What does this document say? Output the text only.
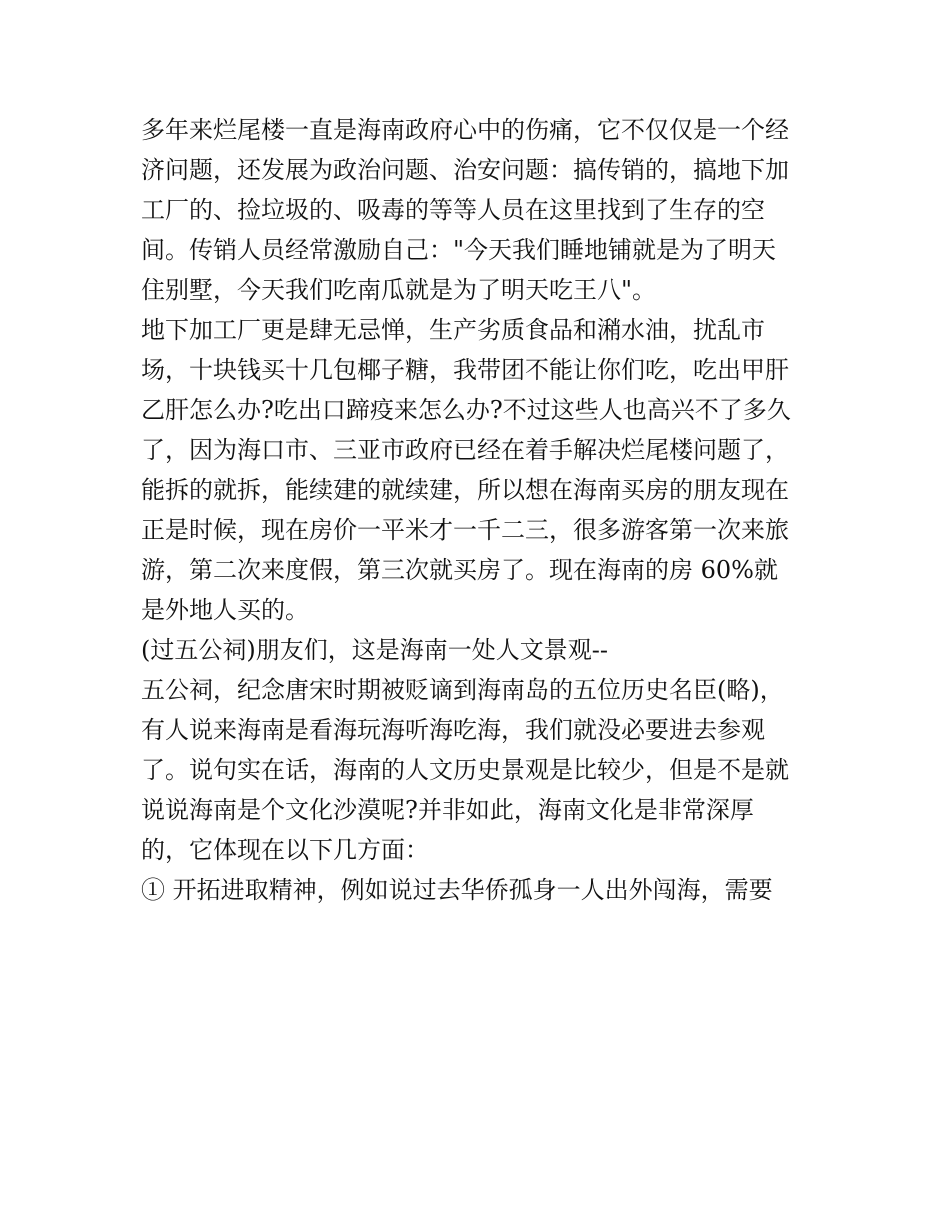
多年来烂尾楼一直是海南政府心中的伤痛，它不仅仅是一个经
济问题，还发展为政治问题、治安问题：搞传销的，搞地下加
工厂的、捡垃圾的、吸毒的等等人员在这里找到了生存的空
间。传销人员经常激励自己："今天我们睡地铺就是为了明天
住别墅，今天我们吃南瓜就是为了明天吃王八"。
地下加工厂更是肆无忌惮，生产劣质食品和潲水油，扰乱市
场，十块钱买十几包椰子糖，我带团不能让你们吃，吃出甲肝
乙肝怎么办?吃出口蹄疫来怎么办?不过这些人也高兴不了多久
了，因为海口市、三亚市政府已经在着手解决烂尾楼问题了，
能拆的就拆，能续建的就续建，所以想在海南买房的朋友现在
正是时候，现在房价一平米才一千二三，很多游客第一次来旅
游，第二次来度假，第三次就买房了。现在海南的房 60%就
是外地人买的。
(过五公祠)朋友们，这是海南一处人文景观--
五公祠，纪念唐宋时期被贬谪到海南岛的五位历史名臣(略)，
有人说来海南是看海玩海听海吃海，我们就没必要进去参观
了。说句实在话，海南的人文历史景观是比较少，但是不是就
说说海南是个文化沙漠呢?并非如此，海南文化是非常深厚
的，它体现在以下几方面：
① 开拓进取精神，例如说过去华侨孤身一人出外闯海，需要
